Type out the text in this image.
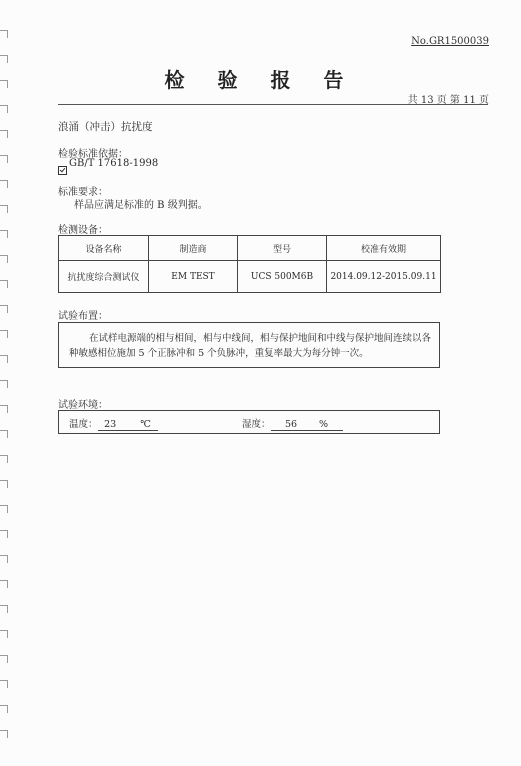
No.GR1500039
检 验 报 告
共 13 页 第 11 页
浪涌（冲击）抗扰度
检验标准依据：
GB/T 17618-1998
标准要求：
样品应满足标准的 B 级判据。
检测设备：
设备名称	制造商	型号	校准有效期
抗扰度综合测试仪	EM TEST	UCS 500M6B	2014.09.12-2015.09.11
试验布置：
在试样电源端的相与相间，相与中线间，相与保护地间和中线与保护地间连续以各种敏感相位施加 5 个正脉冲和 5 个负脉冲，重复率最大为每分钟一次。
试验环境：
温度： 23	℃	湿度： 56 %
